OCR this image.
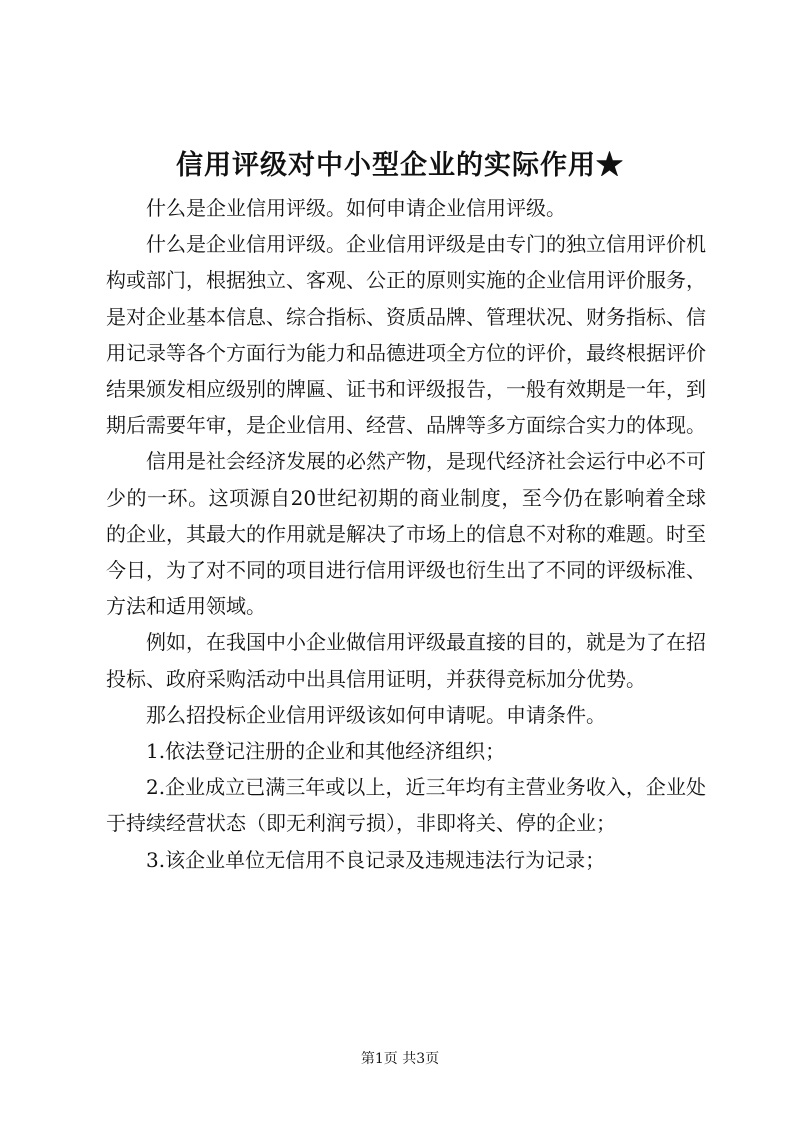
信用评级对中小型企业的实际作用★

什么是企业信用评级。如何申请企业信用评级。

什么是企业信用评级。企业信用评级是由专门的独立信用评价机构或部门，根据独立、客观、公正的原则实施的企业信用评价服务，是对企业基本信息、综合指标、资质品牌、管理状况、财务指标、信用记录等各个方面行为能力和品德进项全方位的评价，最终根据评价结果颁发相应级别的牌匾、证书和评级报告，一般有效期是一年，到期后需要年审，是企业信用、经营、品牌等多方面综合实力的体现。

信用是社会经济发展的必然产物，是现代经济社会运行中必不可少的一环。这项源自20世纪初期的商业制度，至今仍在影响着全球的企业，其最大的作用就是解决了市场上的信息不对称的难题。时至今日，为了对不同的项目进行信用评级也衍生出了不同的评级标准、方法和适用领域。

例如，在我国中小企业做信用评级最直接的目的，就是为了在招投标、政府采购活动中出具信用证明，并获得竞标加分优势。

那么招投标企业信用评级该如何申请呢。申请条件。

1.依法登记注册的企业和其他经济组织；

2.企业成立已满三年或以上，近三年均有主营业务收入，企业处于持续经营状态（即无利润亏损），非即将关、停的企业；

3.该企业单位无信用不良记录及违规违法行为记录；

第1页 共3页
